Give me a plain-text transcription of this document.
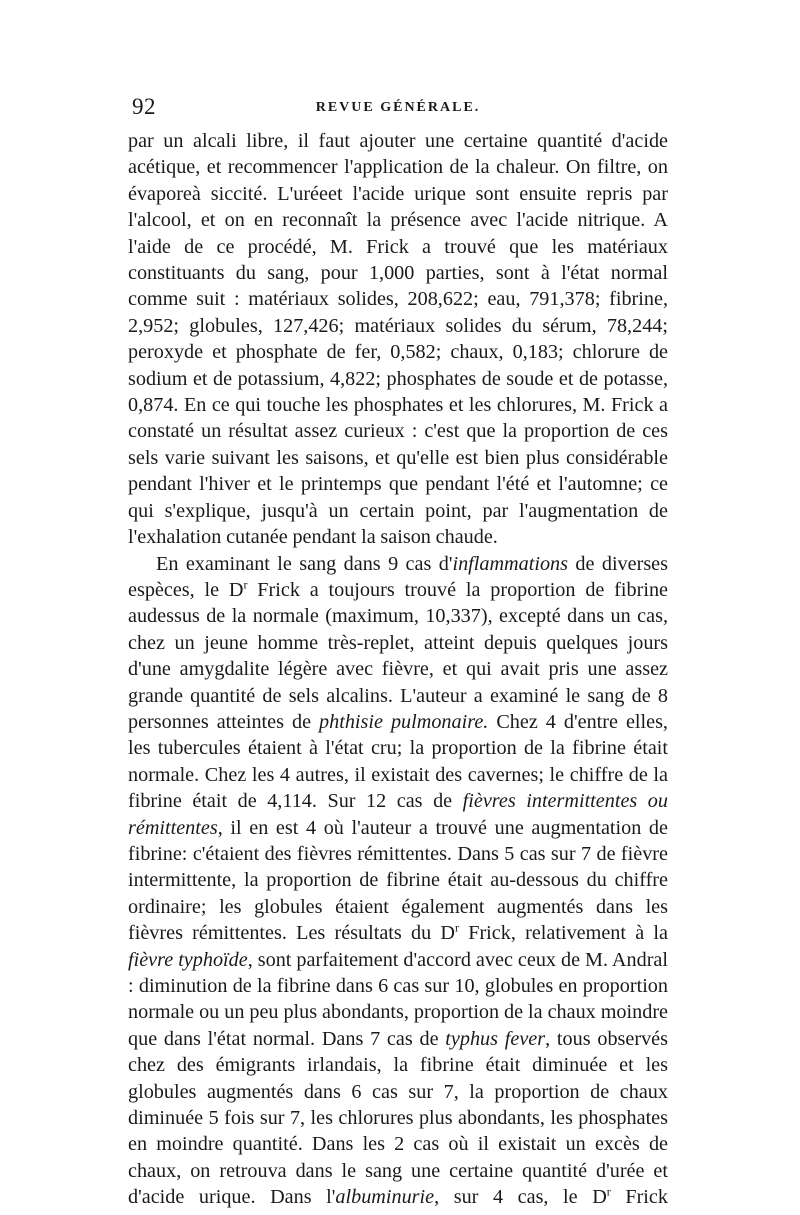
92	REVUE GÉNÉRALE.

par un alcali libre, il faut ajouter une certaine quantité d'acide acétique, et recommencer l'application de la chaleur. On filtre, on évaporeà siccité. L'uréeet l'acide urique sont ensuite repris par l'alcool, et on en reconnaît la présence avec l'acide nitrique. A l'aide de ce procédé, M. Frick a trouvé que les matériaux constituants du sang, pour 1,000 parties, sont à l'état normal comme suit : matériaux solides, 208,622; eau, 791,378; fibrine, 2,952; globules, 127,426; matériaux solides du sérum, 78,244; peroxyde et phosphate de fer, 0,582; chaux, 0,183; chlorure de sodium et de potassium, 4,822; phosphates de soude et de potasse, 0,874. En ce qui touche les phosphates et les chlorures, M. Frick a constaté un résultat assez curieux : c'est que la proportion de ces sels varie suivant les saisons, et qu'elle est bien plus considérable pendant l'hiver et le printemps que pendant l'été et l'automne; ce qui s'explique, jusqu'à un certain point, par l'augmentation de l'exhalation cutanée pendant la saison chaude.

En examinant le sang dans 9 cas d'inflammations de diverses espèces, le $D^r$ Frick a toujours trouvé la proportion de fibrine audessus de la normale (maximum, 10,337), excepté dans un cas, chez un jeune homme très-replet, atteint depuis quelques jours d'une amygdalite légère avec fièvre, et qui avait pris une assez grande quantité de sels alcalins. L'auteur a examiné le sang de 8 personnes atteintes de phthisie pulmonaire. Chez 4 d'entre elles, les tubercules étaient à l'état cru; la proportion de la fibrine était normale. Chez les 4 autres, il existait des cavernes; le chiffre de la fibrine était de 4,114. Sur 12 cas de fièvres intermittentes ou rémittentes, il en est 4 où l'auteur a trouvé une augmentation de fibrine: c'étaient des fièvres rémittentes. Dans 5 cas sur 7 de fièvre intermittente, la proportion de fibrine était au-dessous du chiffre ordinaire; les globules étaient également augmentés dans les fièvres rémittentes. Les résultats du $D^r$ Frick, relativement à la fièvre typhoïde, sont parfaitement d'accord avec ceux de M. Andral : diminution de la fibrine dans 6 cas sur 10, globules en proportion normale ou un peu plus abondants, proportion de la chaux moindre que dans l'état normal. Dans 7 cas de typhus fever, tous observés chez des émigrants irlandais, la fibrine était diminuée et les globules augmentés dans 6 cas sur 7, la proportion de chaux diminuée 5 fois sur 7, les chlorures plus abondants, les phosphates en moindre quantité. Dans les 2 cas où il existait un excès de chaux, on retrouva dans le sang une certaine quantité d'urée et d'acide urique. Dans l'albuminurie, sur 4 cas, le $D^r$ Frick
